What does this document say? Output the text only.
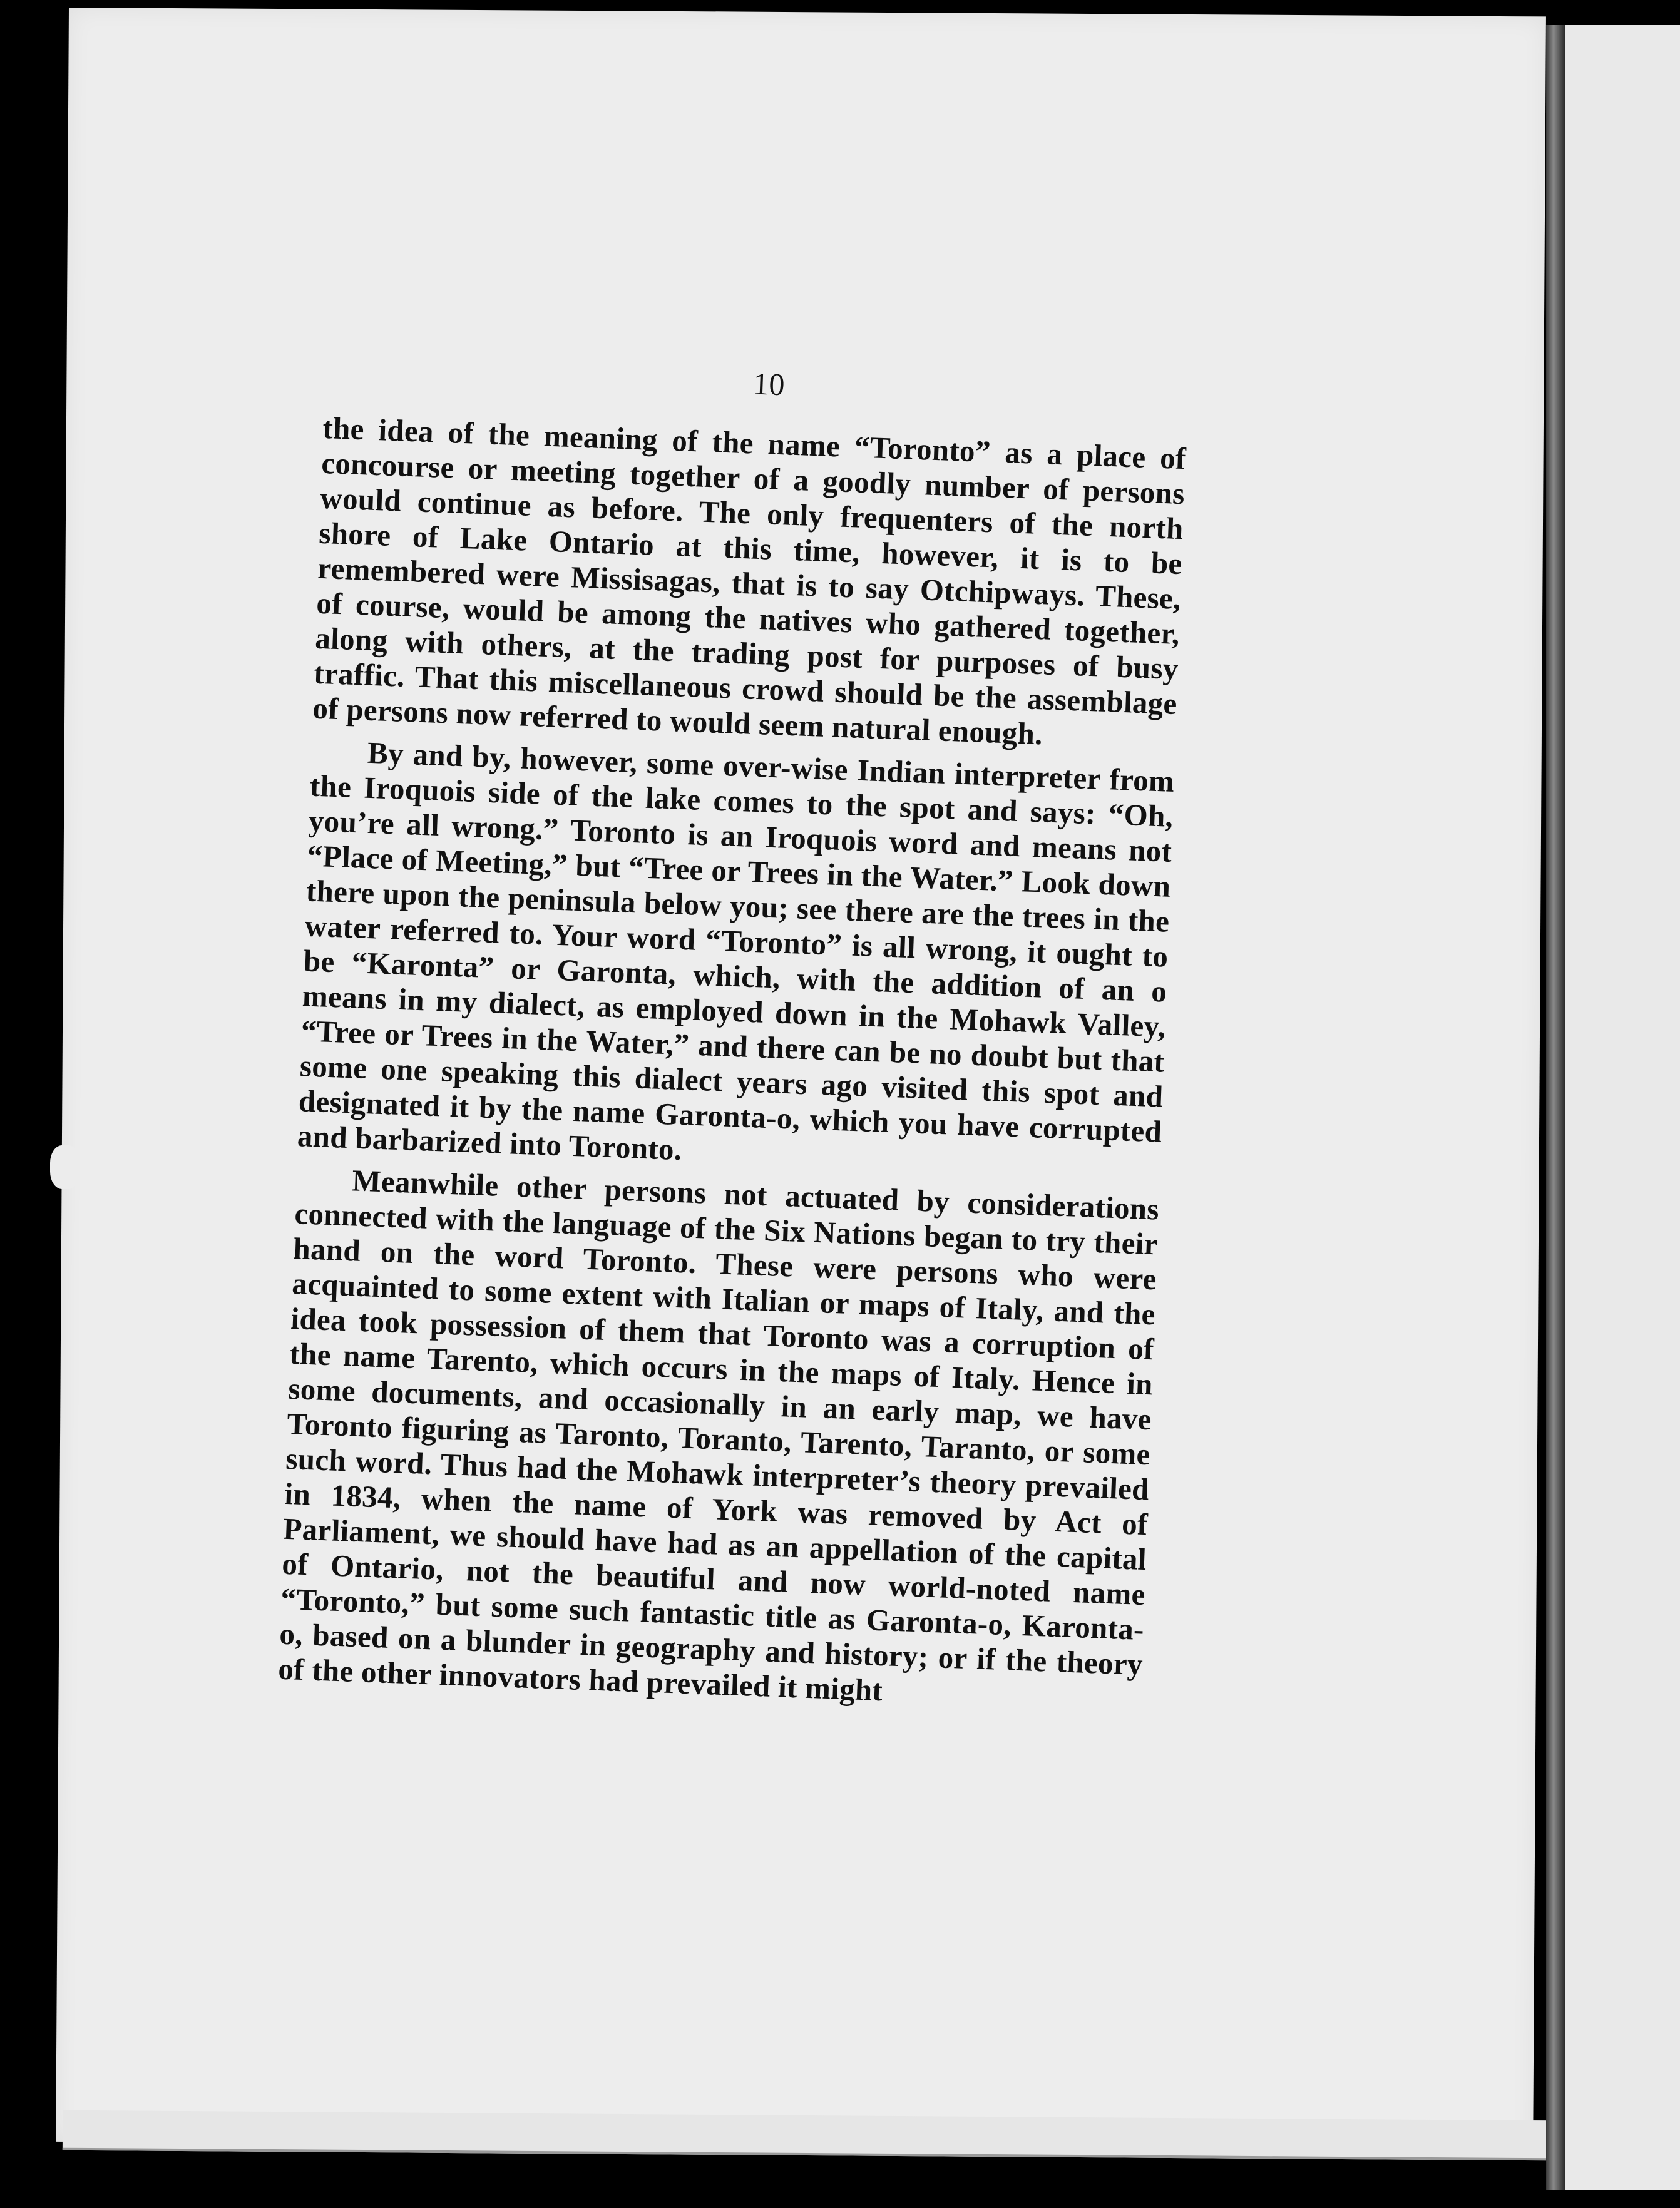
10

the idea of the meaning of the name “Toronto” as a place of concourse or meeting together of a goodly number of persons would continue as before. The only frequenters of the north shore of Lake Ontario at this time, however, it is to be remembered were Missisagas, that is to say Otchipways. These, of course, would be among the natives who gathered together, along with others, at the trading post for purposes of busy traffic. That this miscellaneous crowd should be the assemblage of persons now referred to would seem natural enough.

By and by, however, some over-wise Indian interpreter from the Iroquois side of the lake comes to the spot and says: “Oh, you’re all wrong.” Toronto is an Iroquois word and means not “Place of Meeting,” but “Tree or Trees in the Water.” Look down there upon the peninsula below you; see there are the trees in the water referred to. Your word “Toronto” is all wrong, it ought to be “Karonta” or Garonta, which, with the addition of an o means in my dialect, as employed down in the Mohawk Valley, “Tree or Trees in the Water,” and there can be no doubt but that some one speaking this dialect years ago visited this spot and designated it by the name Garonta-o, which you have corrupted and barbarized into Toronto.

Meanwhile other persons not actuated by considerations connected with the language of the Six Nations began to try their hand on the word Toronto. These were persons who were acquainted to some extent with Italian or maps of Italy, and the idea took possession of them that Toronto was a corruption of the name Tarento, which occurs in the maps of Italy. Hence in some documents, and occasionally in an early map, we have Toronto figuring as Taronto, Toranto, Tarento, Taranto, or some such word. Thus had the Mohawk interpreter’s theory prevailed in 1834, when the name of York was removed by Act of Parliament, we should have had as an appellation of the capital of Ontario, not the beautiful and now world-noted name “Toronto,” but some such fantastic title as Garonta-o, Karonta-o, based on a blunder in geography and history; or if the theory of the other innovators had prevailed it might
